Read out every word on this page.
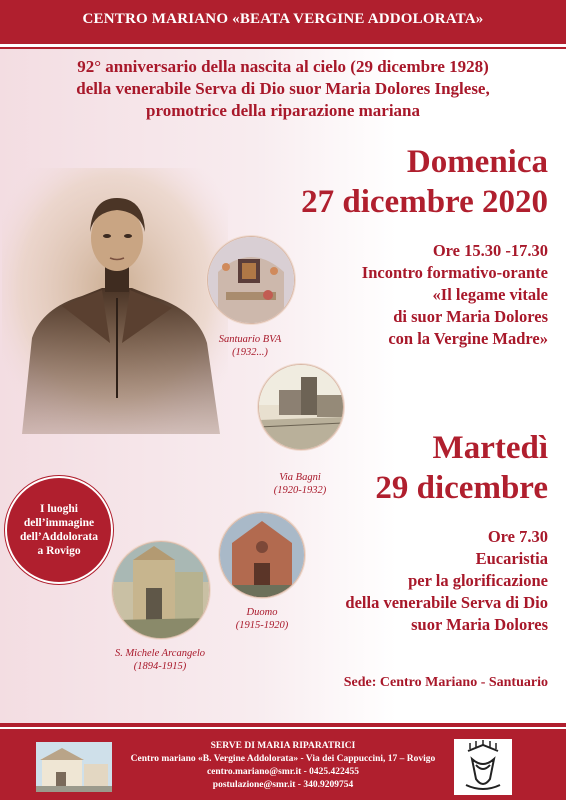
CENTRO MARIANO «BEATA VERGINE ADDOLORATA»
92° anniversario della nascita al cielo (29 dicembre 1928)
della venerabile Serva di Dio suor Maria Dolores Inglese,
promotrice della riparazione mariana
Santuario BVA
(1932...)
Via Bagni
(1920-1932)
Duomo
(1915-1920)
S. Michele Arcangelo
(1894-1915)
I luoghi
dell’immagine
dell’Addolorata
a Rovigo
Domenica
27 dicembre 2020
Ore 15.30 -17.30
Incontro formativo-orante
«Il legame vitale
di suor Maria Dolores
con la Vergine Madre»
Martedì
29 dicembre
Ore 7.30
Eucaristia
per la glorificazione
della venerabile Serva di Dio
suor Maria Dolores
Sede: Centro Mariano - Santuario
SERVE DI MARIA RIPARATRICI
Centro mariano «B. Vergine Addolorata» - Via dei Cappuccini, 17 – Rovigo
centro.mariano@smr.it - 0425.422455
postulazione@smr.it - 340.9209754
